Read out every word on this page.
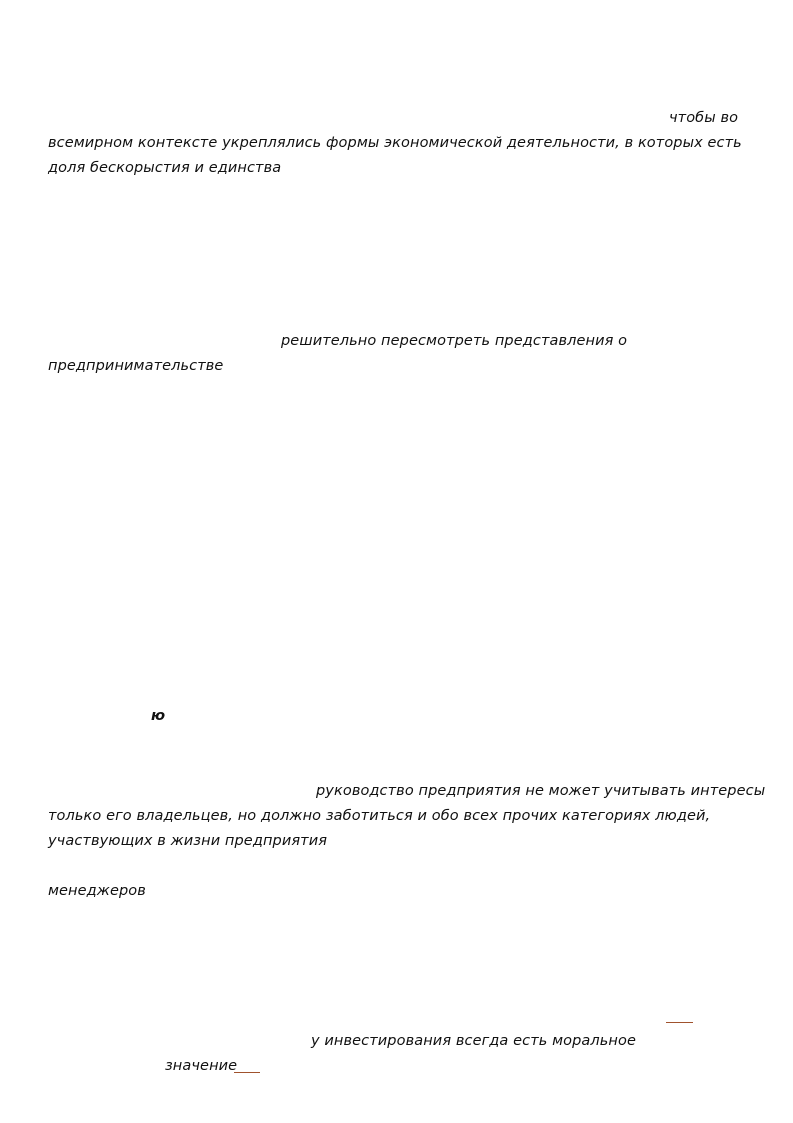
чтобы во
всемирном контексте укреплялись формы экономической деятельности, в которых есть
доля бескорыстия и единства
решительно пересмотреть представления о
предпринимательстве
ю
руководство предприятия не может учитывать интересы
только его владельцев, но должно заботиться и обо всех прочих категориях людей,
участвующих в жизни предприятия
менеджеров
у инвестирования всегда есть моральное
значение
